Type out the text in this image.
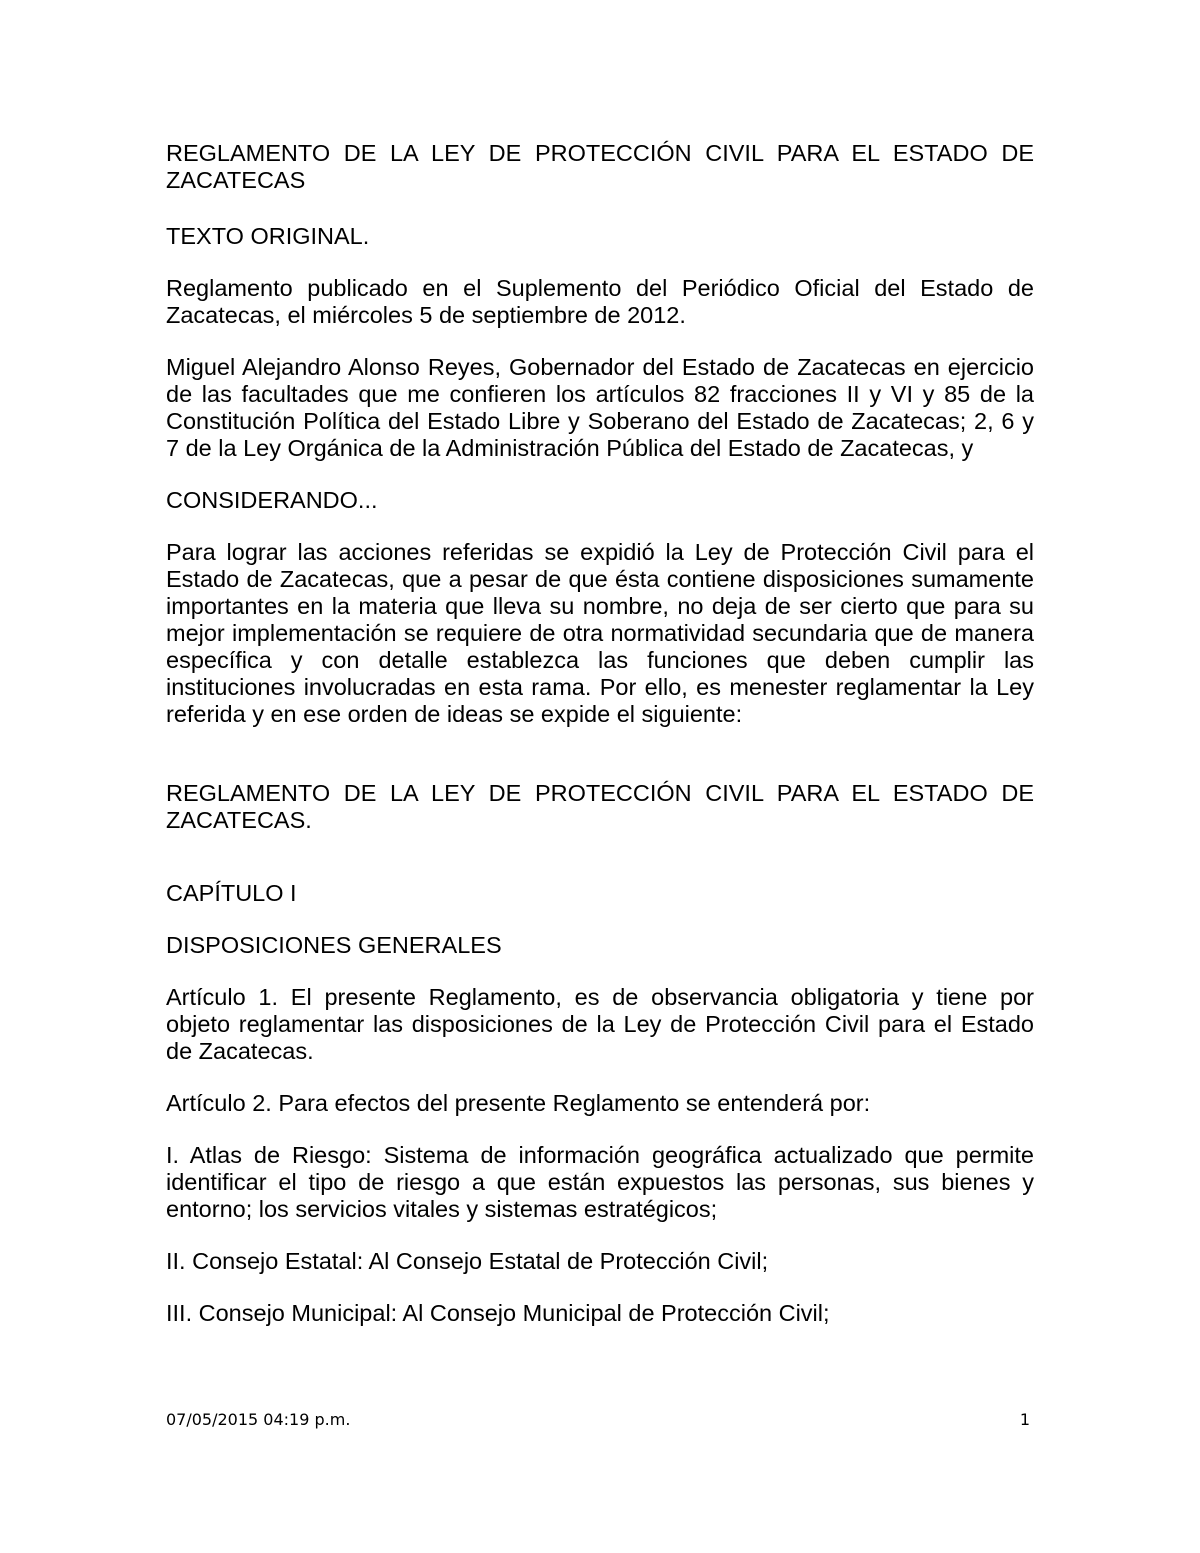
REGLAMENTO DE LA LEY DE PROTECCIÓN CIVIL PARA EL ESTADO DE ZACATECAS

TEXTO ORIGINAL.

Reglamento publicado en el Suplemento del Periódico Oficial del Estado de Zacatecas, el miércoles 5 de septiembre de 2012.

Miguel Alejandro Alonso Reyes, Gobernador del Estado de Zacatecas en ejercicio de las facultades que me confieren los artículos 82 fracciones II y VI y 85 de la Constitución Política del Estado Libre y Soberano del Estado de Zacatecas; 2, 6 y 7 de la Ley Orgánica de la Administración Pública del Estado de Zacatecas, y

CONSIDERANDO...

Para lograr las acciones referidas se expidió la Ley de Protección Civil para el Estado de Zacatecas, que a pesar de que ésta contiene disposiciones sumamente importantes en la materia que lleva su nombre, no deja de ser cierto que para su mejor implementación se requiere de otra normatividad secundaria que de manera específica y con detalle establezca las funciones que deben cumplir las instituciones involucradas en esta rama. Por ello, es menester reglamentar la Ley referida y en ese orden de ideas se expide el siguiente:

REGLAMENTO DE LA LEY DE PROTECCIÓN CIVIL PARA EL ESTADO DE ZACATECAS.

CAPÍTULO I

DISPOSICIONES GENERALES

Artículo 1. El presente Reglamento, es de observancia obligatoria y tiene por objeto reglamentar las disposiciones de la Ley de Protección Civil para el Estado de Zacatecas.

Artículo 2. Para efectos del presente Reglamento se entenderá por:

I. Atlas de Riesgo: Sistema de información geográfica actualizado que permite identificar el tipo de riesgo a que están expuestos las personas, sus bienes y entorno; los servicios vitales y sistemas estratégicos;

II. Consejo Estatal: Al Consejo Estatal de Protección Civil;

III. Consejo Municipal: Al Consejo Municipal de Protección Civil;

07/05/2015 04:19 p.m.	1
